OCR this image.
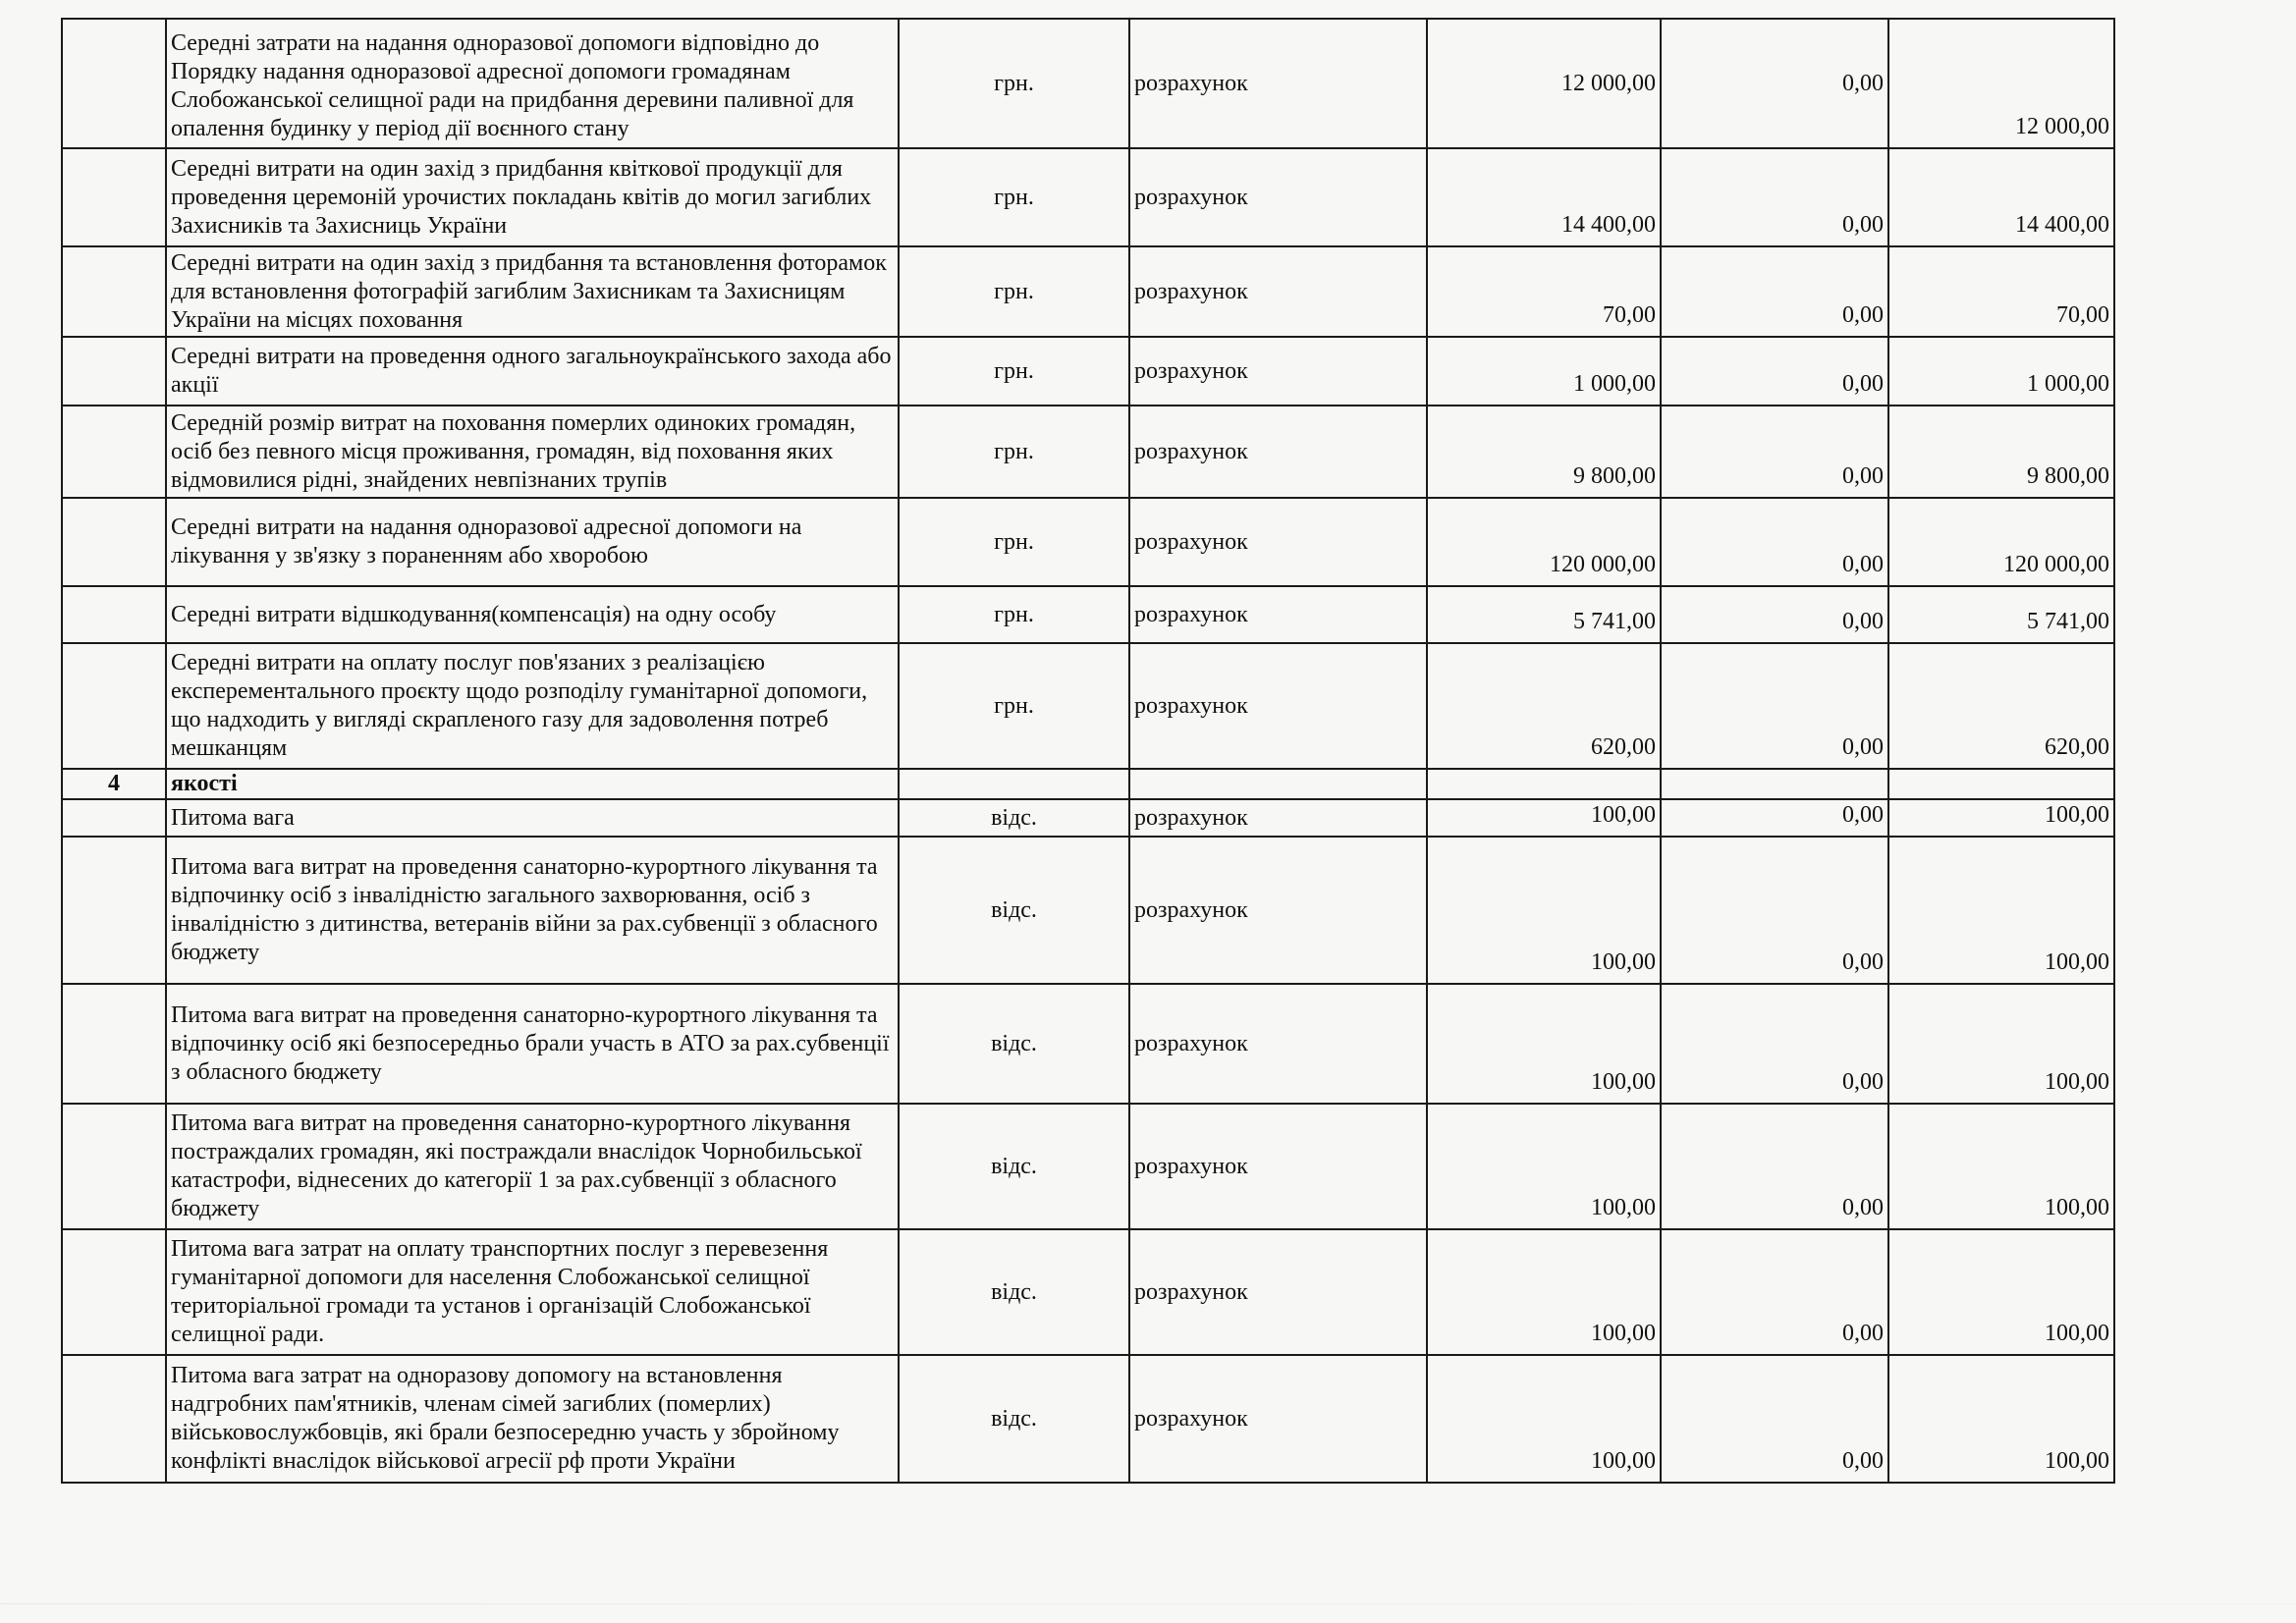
	Середні затрати на надання одноразової допомоги відповідно до Порядку надання одноразової адресної допомоги громадянам Слобожанської селищної ради на придбання деревини паливної для опалення будинку у період дії воєнного стану	грн.	розрахунок	12 000,00	0,00	12 000,00
	Середні витрати на один захід з придбання квіткової продукції для проведення церемоній урочистих покладань квітів до могил загиблих Захисників та Захисниць України	грн.	розрахунок	14 400,00	0,00	14 400,00
	Середні витрати на один захід з придбання та встановлення фоторамок для встановлення фотографій загиблим Захисникам та Захисницям України на місцях поховання	грн.	розрахунок	70,00	0,00	70,00
	Середні витрати на проведення одного загальноукраїнського захода або акції	грн.	розрахунок	1 000,00	0,00	1 000,00
	Середній розмір витрат на поховання померлих одиноких громадян, осіб без певного місця проживання, громадян, від поховання яких відмовилися рідні, знайдених невпізнаних трупів	грн.	розрахунок	9 800,00	0,00	9 800,00
	Середні витрати на надання одноразової адресної допомоги на лікування у зв'язку з пораненням або хворобою	грн.	розрахунок	120 000,00	0,00	120 000,00
	Середні витрати відшкодування(компенсація) на одну особу	грн.	розрахунок	5 741,00	0,00	5 741,00
	Середні витрати на оплату послуг пов'язаних з реалізацією експерементального проєкту щодо розподілу гуманітарної допомоги, що надходить у вигляді скрапленого газу для задоволення потреб мешканцям	грн.	розрахунок	620,00	0,00	620,00
4	якості					
	Питома вага	відс.	розрахунок	100,00	0,00	100,00
	Питома вага витрат на проведення санаторно-курортного лікування та відпочинку осіб з інвалідністю загального захворювання, осіб з інвалідністю з дитинства, ветеранів війни за рах.субвенції з обласного бюджету	відс.	розрахунок	100,00	0,00	100,00
	Питома вага витрат на проведення санаторно-курортного лікування та відпочинку осіб які безпосередньо брали участь в АТО за рах.субвенції з обласного бюджету	відс.	розрахунок	100,00	0,00	100,00
	Питома вага витрат на проведення санаторно-курортного лікування постраждалих громадян, які постраждали внаслідок Чорнобильської катастрофи, віднесених до категорії 1 за рах.субвенції з обласного бюджету	відс.	розрахунок	100,00	0,00	100,00
	Питома вага затрат на оплату транспортних послуг з перевезення гуманітарної допомоги для населення Слобожанської селищної територіальної громади та установ і організацій Слобожанської селищної ради.	відс.	розрахунок	100,00	0,00	100,00
	Питома вага затрат на одноразову допомогу на встановлення надгробних пам'ятників, членам сімей загиблих (померлих) військовослужбовців, які брали безпосередню участь у збройному конфлікті внаслідок військової агресії рф проти України	відс.	розрахунок	100,00	0,00	100,00
